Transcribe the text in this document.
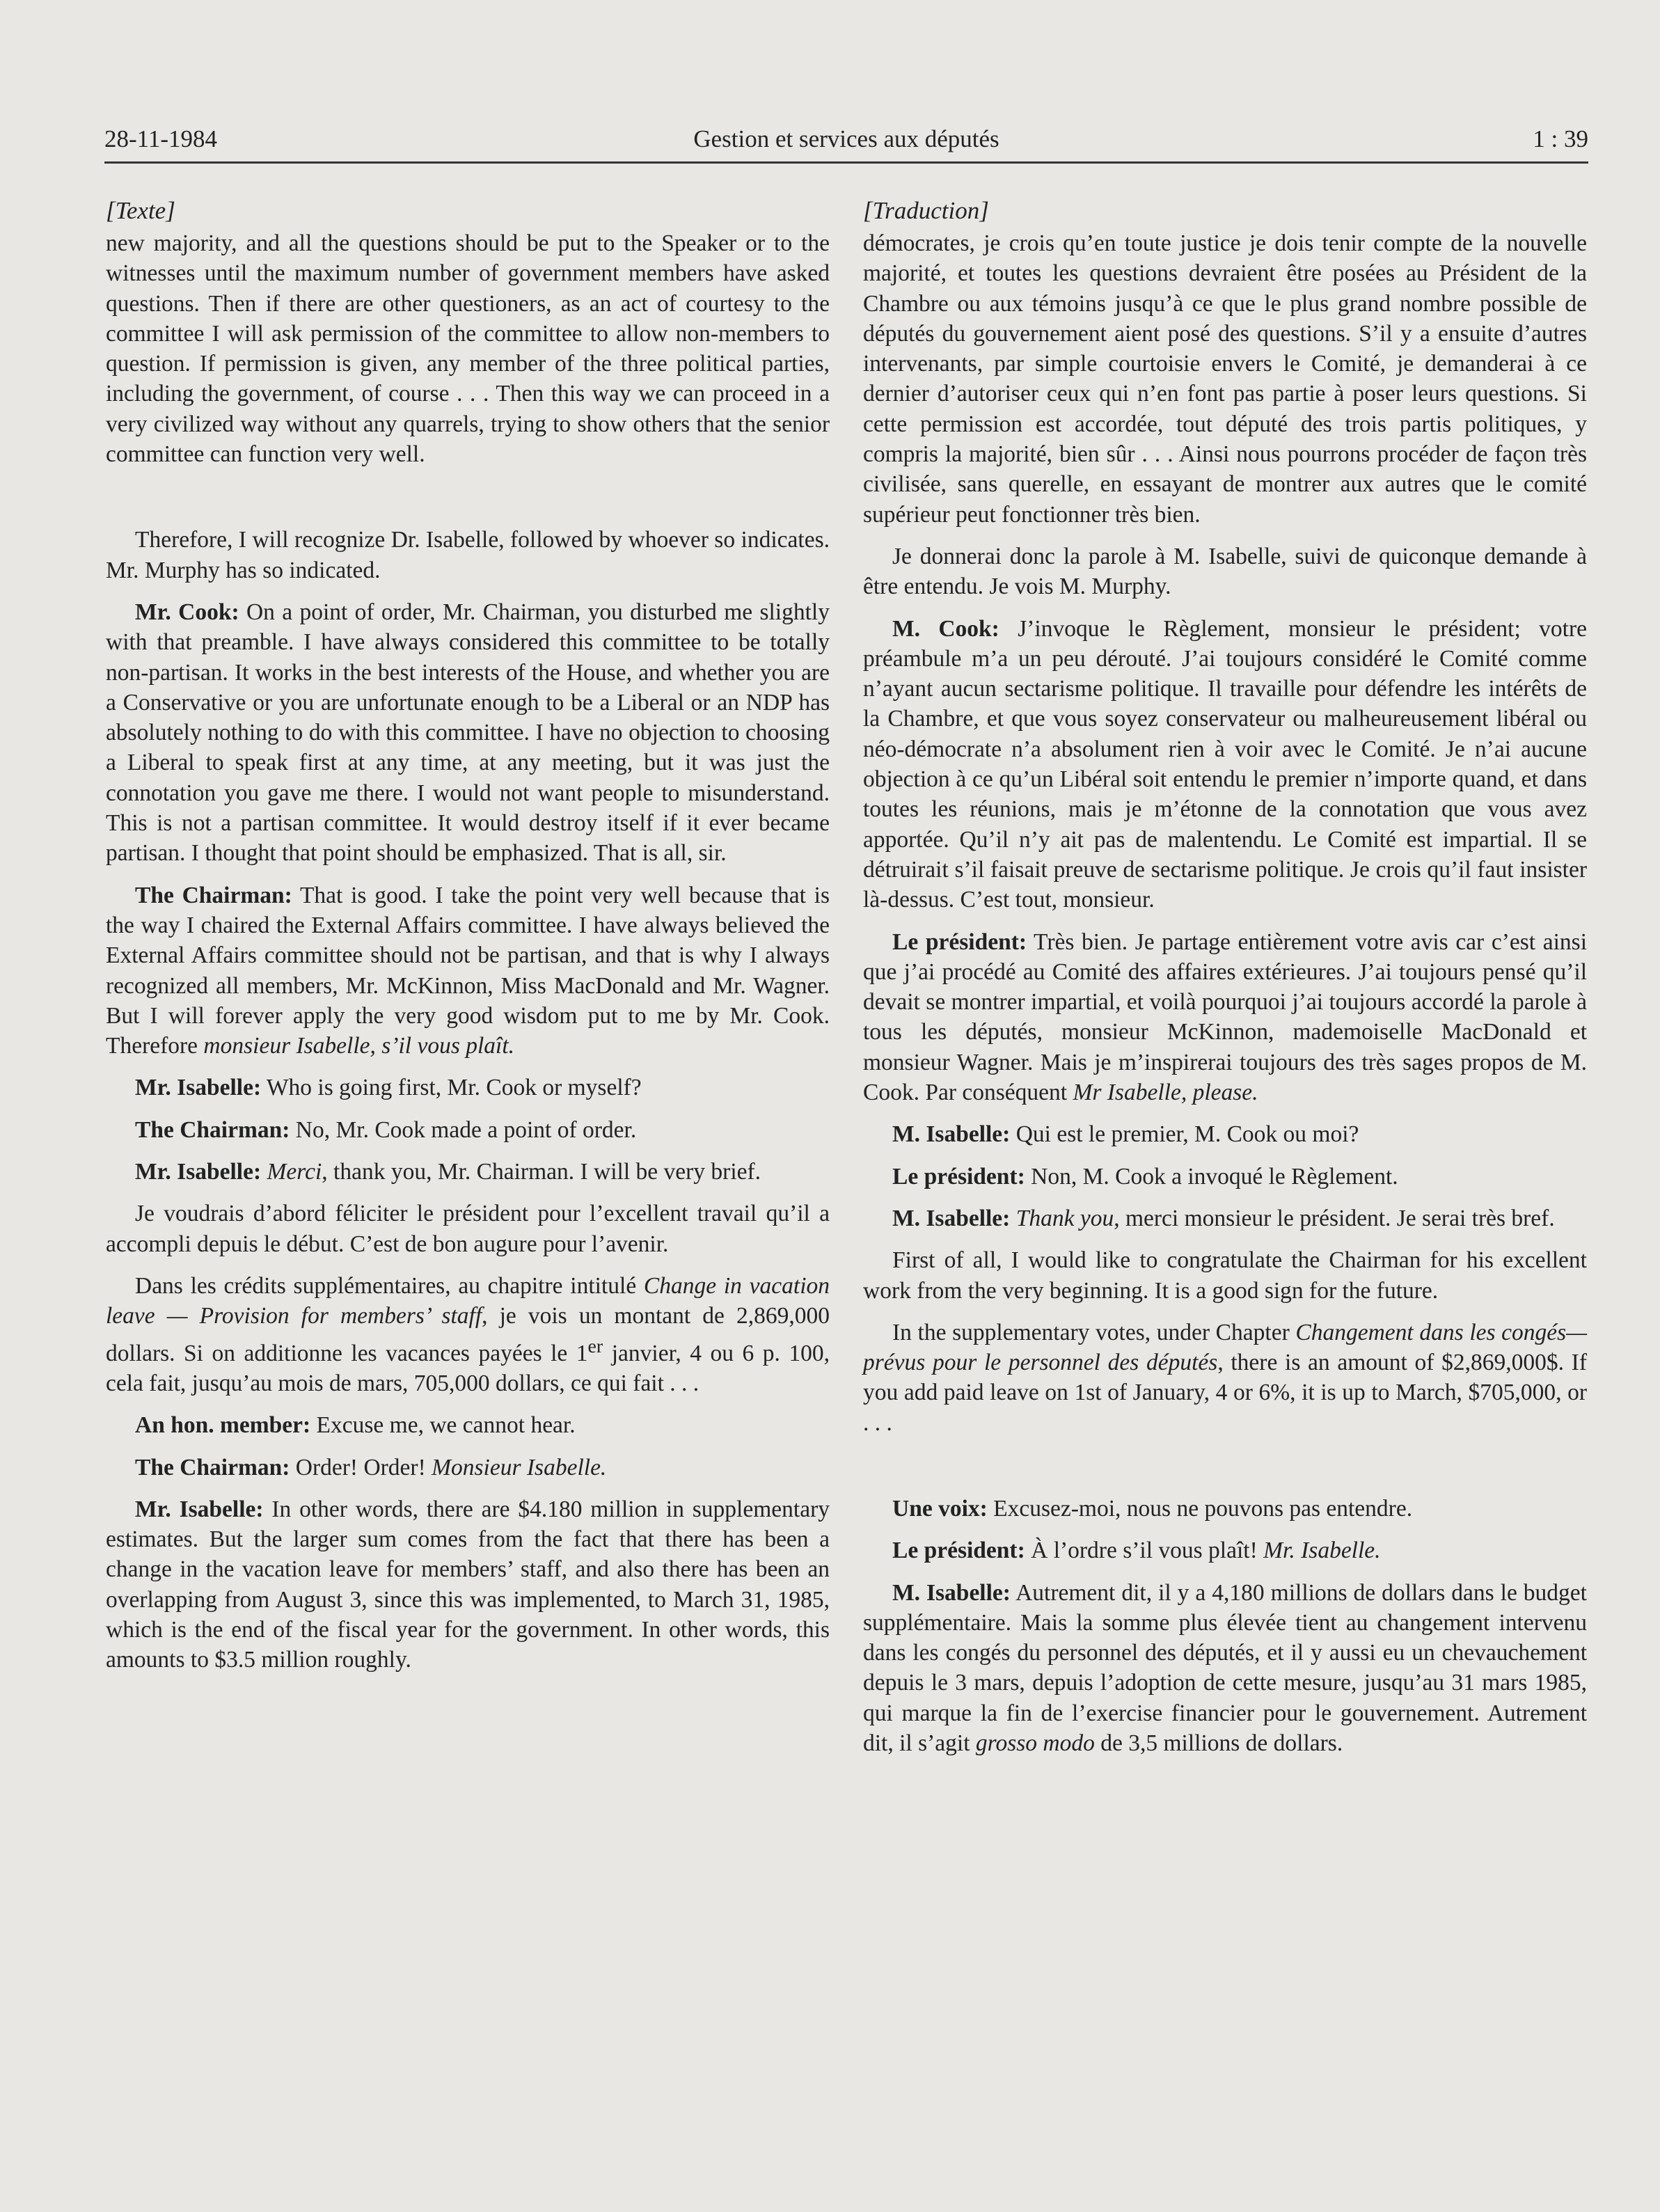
28-11-1984	Gestion et services aux députés	1 : 39
[Texte]

new majority, and all the questions should be put to the Speaker or to the witnesses until the maximum number of government members have asked questions. Then if there are other questioners, as an act of courtesy to the committee I will ask permission of the committee to allow non-members to question. If permission is given, any member of the three political parties, including the government, of course . . . Then this way we can proceed in a very civilized way without any quarrels, trying to show others that the senior committee can function very well.

Therefore, I will recognize Dr. Isabelle, followed by whoever so indicates. Mr. Murphy has so indicated.

Mr. Cook: On a point of order, Mr. Chairman, you disturbed me slightly with that preamble. I have always considered this committee to be totally non-partisan. It works in the best interests of the House, and whether you are a Conservative or you are unfortunate enough to be a Liberal or an NDP has absolutely nothing to do with this committee. I have no objection to choosing a Liberal to speak first at any time, at any meeting, but it was just the connotation you gave me there. I would not want people to misunderstand. This is not a partisan committee. It would destroy itself if it ever became partisan. I thought that point should be emphasized. That is all, sir.

The Chairman: That is good. I take the point very well because that is the way I chaired the External Affairs committee. I have always believed the External Affairs committee should not be partisan, and that is why I always recognized all members, Mr. McKinnon, Miss MacDonald and Mr. Wagner. But I will forever apply the very good wisdom put to me by Mr. Cook. Therefore monsieur Isabelle, s’il vous plaît.

Mr. Isabelle: Who is going first, Mr. Cook or myself?

The Chairman: No, Mr. Cook made a point of order.

Mr. Isabelle: Merci, thank you, Mr. Chairman. I will be very brief.

Je voudrais d’abord féliciter le président pour l’excellent travail qu’il a accompli depuis le début. C’est de bon augure pour l’avenir.

Dans les crédits supplémentaires, au chapitre intitulé Change in vacation leave — Provision for members’ staff, je vois un montant de 2,869,000 dollars. Si on additionne les vacances payées le 1er janvier, 4 ou 6 p. 100, cela fait, jusqu’au mois de mars, 705,000 dollars, ce qui fait . . .

An hon. member: Excuse me, we cannot hear.

The Chairman: Order! Order! Monsieur Isabelle.

Mr. Isabelle: In other words, there are $4.180 million in supplementary estimates. But the larger sum comes from the fact that there has been a change in the vacation leave for members’ staff, and also there has been an overlapping from August 3, since this was implemented, to March 31, 1985, which is the end of the fiscal year for the government. In other words, this amounts to $3.5 million roughly.

[Traduction]

démocrates, je crois qu’en toute justice je dois tenir compte de la nouvelle majorité, et toutes les questions devraient être posées au Président de la Chambre ou aux témoins jusqu’à ce que le plus grand nombre possible de députés du gouvernement aient posé des questions. S’il y a ensuite d’autres intervenants, par simple courtoisie envers le Comité, je demanderai à ce dernier d’autoriser ceux qui n’en font pas partie à poser leurs questions. Si cette permission est accordée, tout député des trois partis politiques, y compris la majorité, bien sûr . . . Ainsi nous pourrons procéder de façon très civilisée, sans querelle, en essayant de montrer aux autres que le comité supérieur peut fonctionner très bien.

Je donnerai donc la parole à M. Isabelle, suivi de quiconque demande à être entendu. Je vois M. Murphy.

M. Cook: J’invoque le Règlement, monsieur le président; votre préambule m’a un peu dérouté. J’ai toujours considéré le Comité comme n’ayant aucun sectarisme politique. Il travaille pour défendre les intérêts de la Chambre, et que vous soyez conservateur ou malheureusement libéral ou néo-démocrate n’a absolument rien à voir avec le Comité. Je n’ai aucune objection à ce qu’un Libéral soit entendu le premier n’importe quand, et dans toutes les réunions, mais je m’étonne de la connotation que vous avez apportée. Qu’il n’y ait pas de malentendu. Le Comité est impartial. Il se détruirait s’il faisait preuve de sectarisme politique. Je crois qu’il faut insister là-dessus. C’est tout, monsieur.

Le président: Très bien. Je partage entièrement votre avis car c’est ainsi que j’ai procédé au Comité des affaires extérieures. J’ai toujours pensé qu’il devait se montrer impartial, et voilà pourquoi j’ai toujours accordé la parole à tous les députés, monsieur McKinnon, mademoiselle MacDonald et monsieur Wagner. Mais je m’inspirerai toujours des très sages propos de M. Cook. Par conséquent Mr Isabelle, please.

M. Isabelle: Qui est le premier, M. Cook ou moi?

Le président: Non, M. Cook a invoqué le Règlement.

M. Isabelle: Thank you, merci monsieur le président. Je serai très bref.

First of all, I would like to congratulate the Chairman for his excellent work from the very beginning. It is a good sign for the future.

In the supplementary votes, under Chapter Changement dans les congés—prévus pour le personnel des députés, there is an amount of $2,869,000$. If you add paid leave on 1st of January, 4 or 6%, it is up to March, $705,000, or . . .

Une voix: Excusez-moi, nous ne pouvons pas entendre.

Le président: À l’ordre s’il vous plaît! Mr. Isabelle.

M. Isabelle: Autrement dit, il y a 4,180 millions de dollars dans le budget supplémentaire. Mais la somme plus élevée tient au changement intervenu dans les congés du personnel des députés, et il y aussi eu un chevauchement depuis le 3 mars, depuis l’adoption de cette mesure, jusqu’au 31 mars 1985, qui marque la fin de l’exercise financier pour le gouvernement. Autrement dit, il s’agit grosso modo de 3,5 millions de dollars.
